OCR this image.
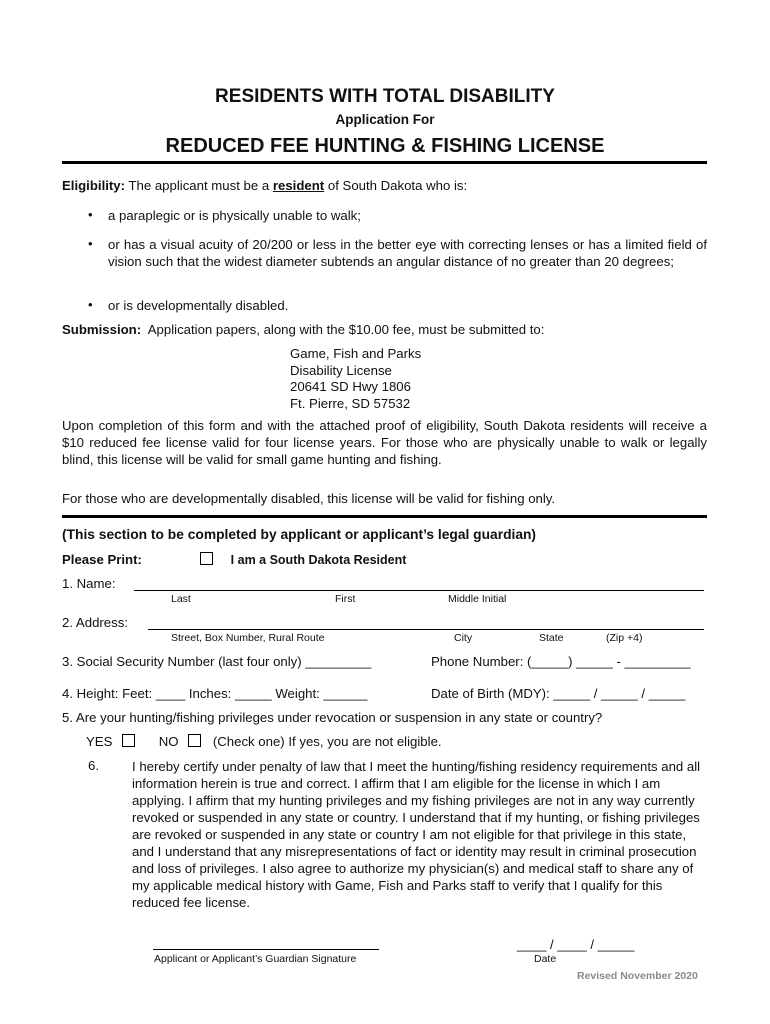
RESIDENTS WITH TOTAL DISABILITY
Application For
REDUCED FEE HUNTING & FISHING LICENSE
Eligibility: The applicant must be a resident of South Dakota who is:
• a paraplegic or is physically unable to walk;
• or has a visual acuity of 20/200 or less in the better eye with correcting lenses or has a limited field of vision such that the widest diameter subtends an angular distance of no greater than 20 degrees;
• or is developmentally disabled.
Submission: Application papers, along with the $10.00 fee, must be submitted to:
Game, Fish and Parks
Disability License
20641 SD Hwy 1806
Ft. Pierre, SD 57532
Upon completion of this form and with the attached proof of eligibility, South Dakota residents will receive a $10 reduced fee license valid for four license years. For those who are physically unable to walk or legally blind, this license will be valid for small game hunting and fishing.
For those who are developmentally disabled, this license will be valid for fishing only.
(This section to be completed by applicant or applicant’s legal guardian)
Please Print:	I am a South Dakota Resident
1. Name:
Last	First	Middle Initial
2. Address:
Street, Box Number, Rural Route	City	State	(Zip +4)
3. Social Security Number (last four only) _________	Phone Number: (_____) _____ - _________
4. Height: Feet: ____ Inches: _____ Weight: ______	Date of Birth (MDY): _____ / _____ / _____
5. Are your hunting/fishing privileges under revocation or suspension in any state or country?
YES	NO	(Check one) If yes, you are not eligible.
6.	I hereby certify under penalty of law that I meet the hunting/fishing residency requirements and all information herein is true and correct. I affirm that I am eligible for the license in which I am applying. I affirm that my hunting privileges and my fishing privileges are not in any way currently revoked or suspended in any state or country. I understand that if my hunting, or fishing privileges are revoked or suspended in any state or country I am not eligible for that privilege in this state, and I understand that any misrepresentations of fact or identity may result in criminal prosecution and loss of privileges. I also agree to authorize my physician(s) and medical staff to share any of my applicable medical history with Game, Fish and Parks staff to verify that I qualify for this reduced fee license.
Applicant or Applicant’s Guardian Signature
____ / ____ / _____
Date
Revised November 2020
